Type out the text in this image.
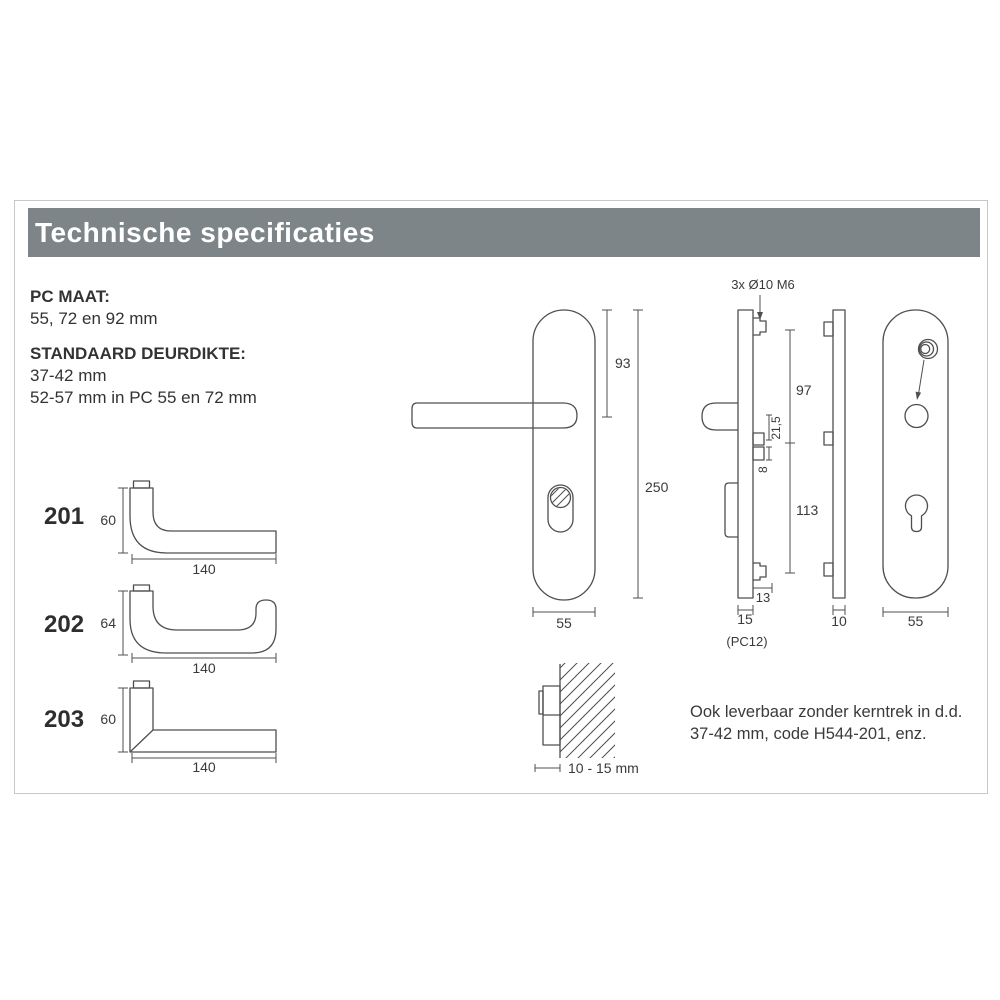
Technische specificaties
PC MAAT:
55, 72 en 92 mm
STANDAARD DEURDIKTE:
37-42 mm
52-57 mm in PC 55 en 72 mm
201
202
203
60
140
64
140
60
140
93
250
55
3x Ø10 M6
97
113
21,5
8
13
15
(PC12)
10	55
10 - 15 mm
Ook leverbaar zonder kerntrek in d.d.
37-42 mm, code H544-201, enz.
